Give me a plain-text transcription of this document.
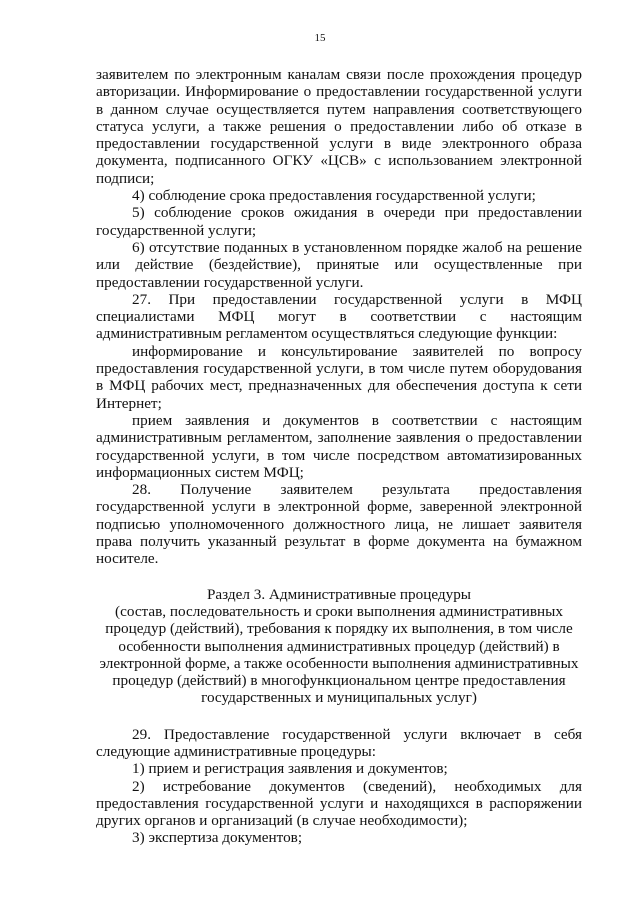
15

заявителем по электронным каналам связи после прохождения процедур авторизации. Информирование о предоставлении государственной услуги в данном случае осуществляется путем направления соответствующего статуса услуги, а также решения о предоставлении либо об отказе в предоставлении государственной услуги в виде электронного образа документа, подписанного ОГКУ «ЦСВ» с использованием электронной подписи;

4) соблюдение срока предоставления государственной услуги;

5) соблюдение сроков ожидания в очереди при предоставлении государственной услуги;

6) отсутствие поданных в установленном порядке жалоб на решение или действие (бездействие), принятые или осуществленные при предоставлении государственной услуги.

27. При предоставлении государственной услуги в МФЦ специалистами МФЦ могут в соответствии с настоящим административным регламентом осуществляться следующие функции:

информирование и консультирование заявителей по вопросу предоставления государственной услуги, в том числе путем оборудования в МФЦ рабочих мест, предназначенных для обеспечения доступа к сети Интернет;

прием заявления и документов в соответствии с настоящим административным регламентом, заполнение заявления о предоставлении государственной услуги, в том числе посредством автоматизированных информационных систем МФЦ;

28. Получение заявителем результата предоставления государственной услуги в электронной форме, заверенной электронной подписью уполномоченного должностного лица, не лишает заявителя права получить указанный результат в форме документа на бумажном носителе.

Раздел 3. Административные процедуры
(состав, последовательность и сроки выполнения административных процедур (действий), требования к порядку их выполнения, в том числе особенности выполнения административных процедур (действий) в электронной форме, а также особенности выполнения административных процедур (действий) в многофункциональном центре предоставления государственных и муниципальных услуг)

29. Предоставление государственной услуги включает в себя следующие административные процедуры:

1) прием и регистрация заявления и документов;

2) истребование документов (сведений), необходимых для предоставления государственной услуги и находящихся в распоряжении других органов и организаций (в случае необходимости);

3) экспертиза документов;
